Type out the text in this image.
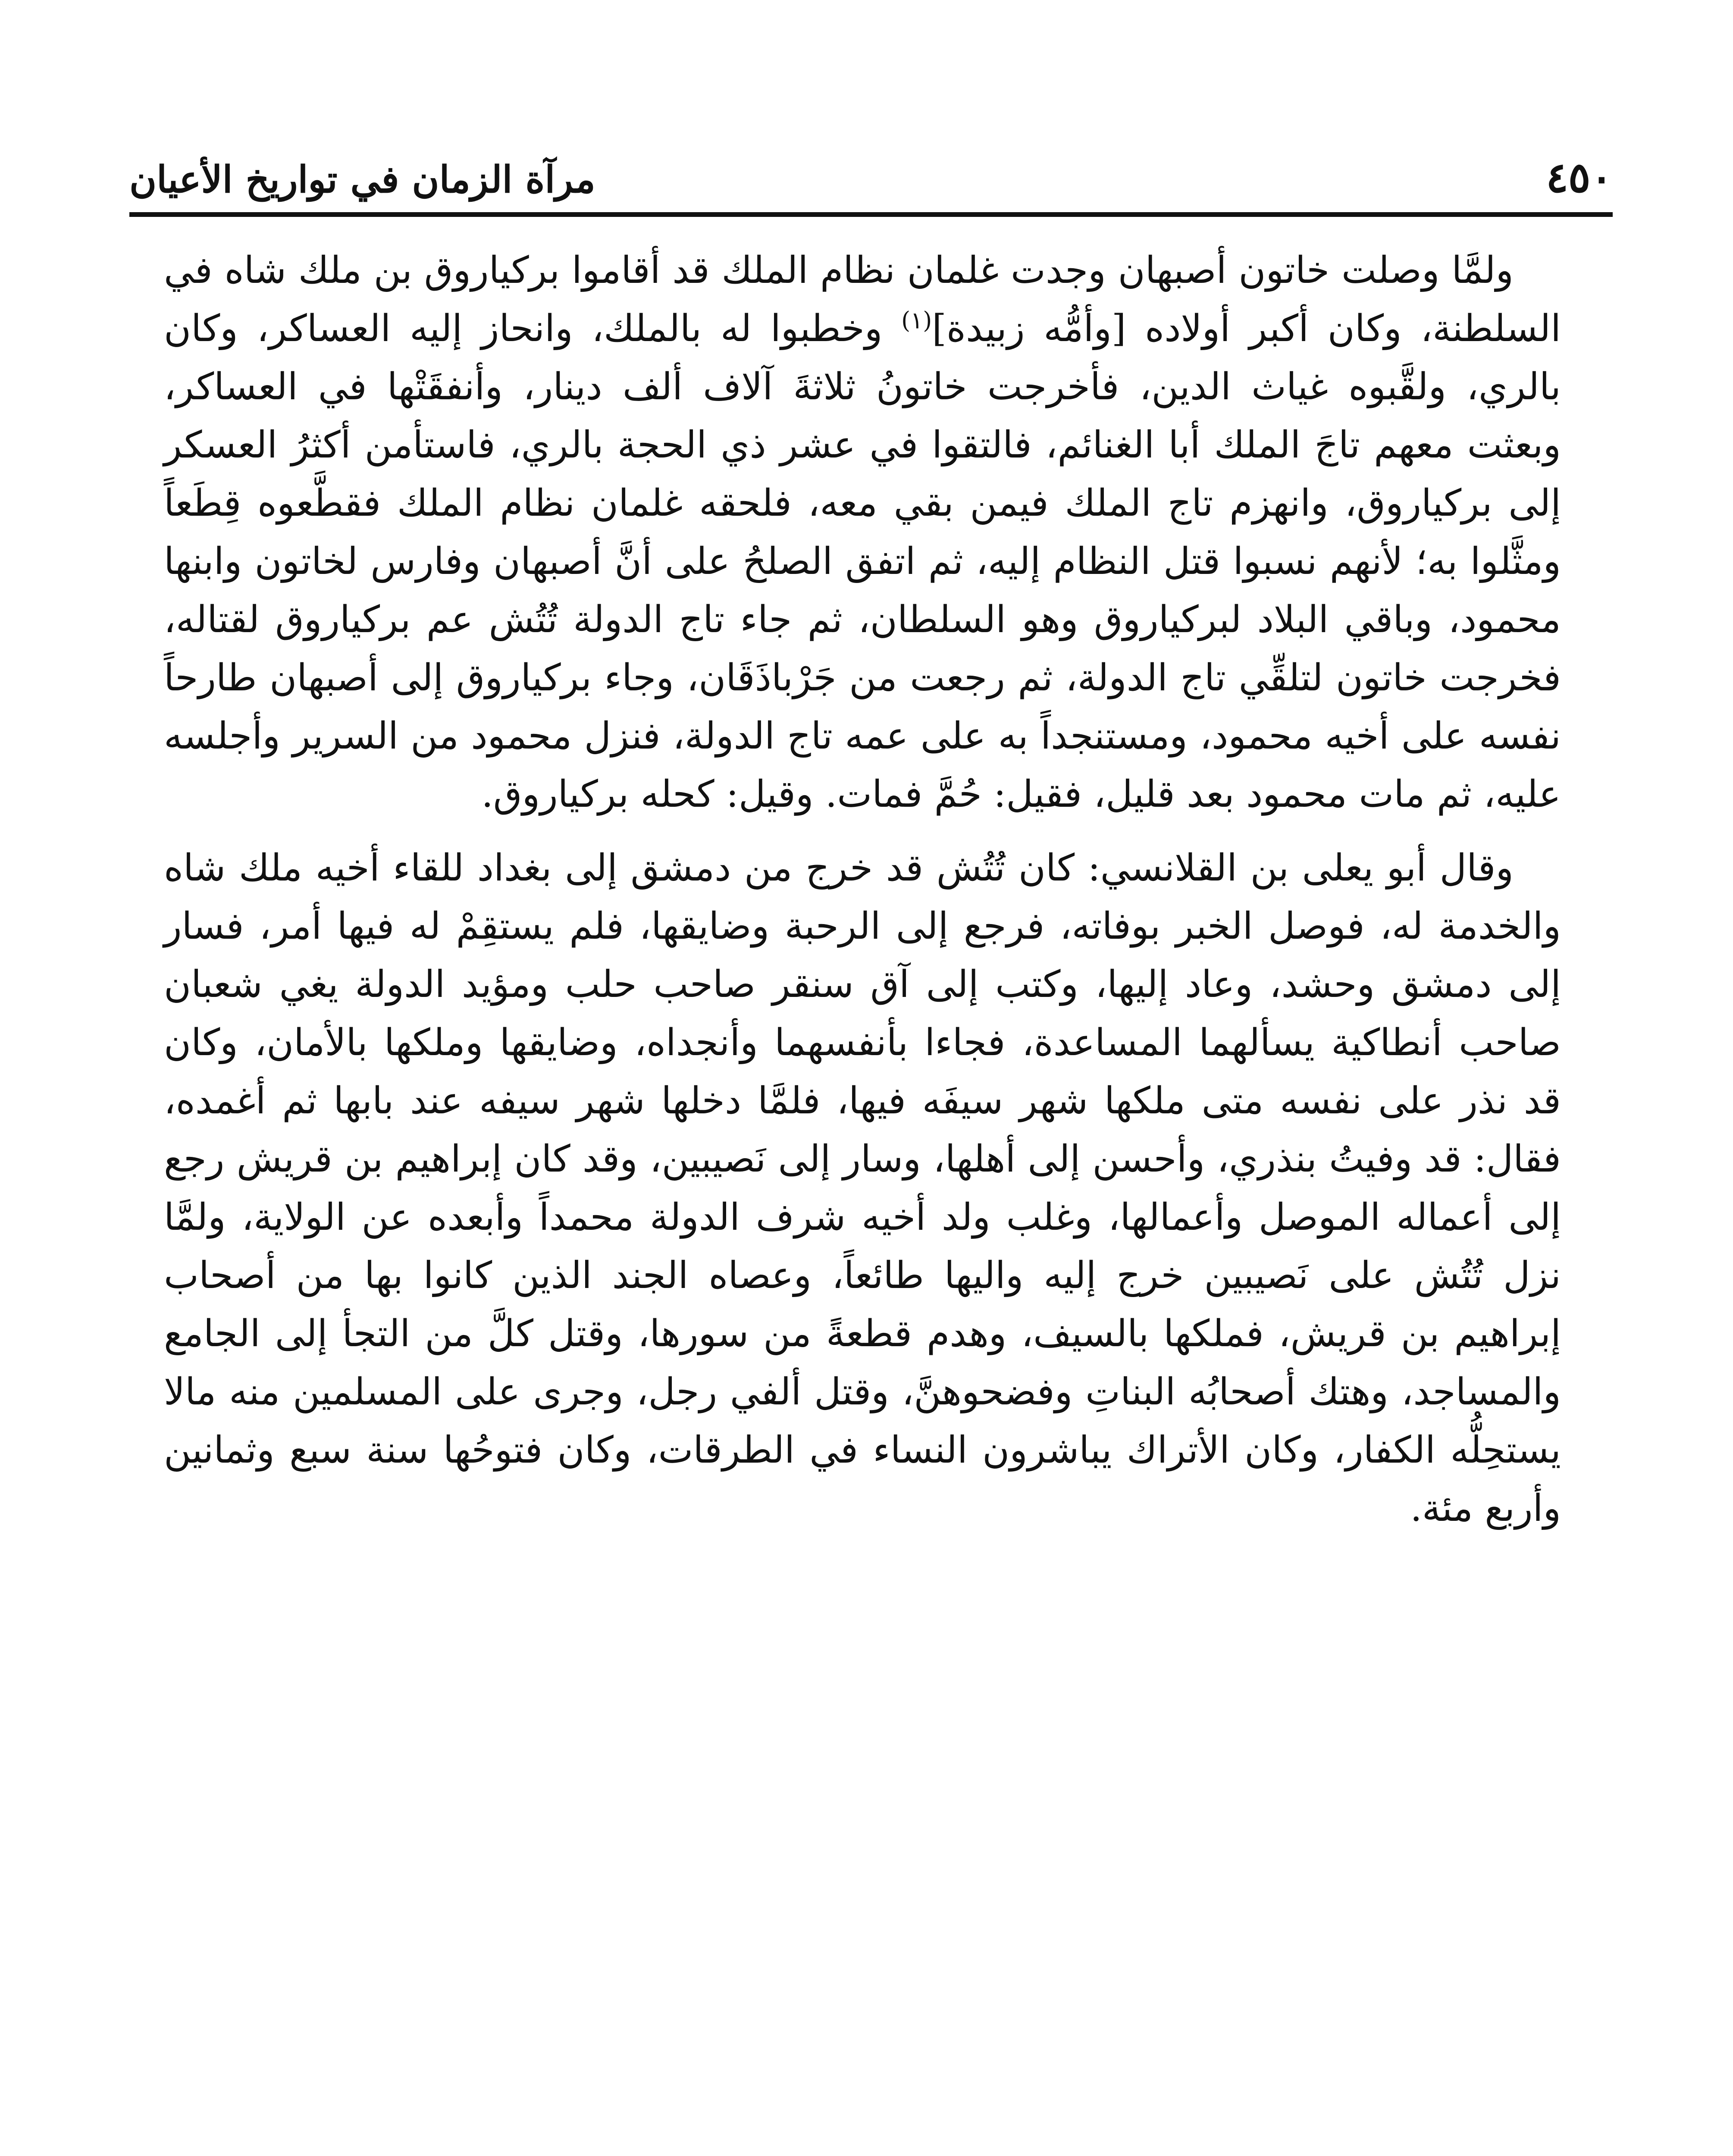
٤٥٠
مرآة الزمان في تواريخ الأعيان

ولمَّا وصلت خاتون أصبهان وجدت غلمان نظام الملك قد أقاموا بركياروق بن ملك شاه في السلطنة، وكان أكبر أولاده [وأمُّه زبيدة]$^{(١)}$ وخطبوا له بالملك، وانحاز إليه العساكر، وكان بالري، ولقَّبوه غياث الدين، فأخرجت خاتونُ ثلاثةَ آلاف ألف دينار، وأنفقَتْها في العساكر، وبعثت معهم تاجَ الملك أبا الغنائم، فالتقوا في عشر ذي الحجة بالري، فاستأمن أكثرُ العسكر إلى بركياروق، وانهزم تاج الملك فيمن بقي معه، فلحقه غلمان نظام الملك فقطَّعوه قِطَعاً ومثَّلوا به؛ لأنهم نسبوا قتل النظام إليه، ثم اتفق الصلحُ على أنَّ أصبهان وفارس لخاتون وابنها محمود، وباقي البلاد لبركياروق وهو السلطان، ثم جاء تاج الدولة تُتُش عم بركياروق لقتاله، فخرجت خاتون لتلقِّي تاج الدولة، ثم رجعت من جَرْباذَقَان، وجاء بركياروق إلى أصبهان طارحاً نفسه على أخيه محمود، ومستنجداً به على عمه تاج الدولة، فنزل محمود من السرير وأجلسه عليه، ثم مات محمود بعد قليل، فقيل: حُمَّ فمات. وقيل: كحله بركياروق.

وقال أبو يعلى بن القلانسي: كان تُتُش قد خرج من دمشق إلى بغداد للقاء أخيه ملك شاه والخدمة له، فوصل الخبر بوفاته، فرجع إلى الرحبة وضايقها، فلم يستقِمْ له فيها أمر، فسار إلى دمشق وحشد، وعاد إليها، وكتب إلى آق سنقر صاحب حلب ومؤيد الدولة يغي شعبان صاحب أنطاكية يسألهما المساعدة، فجاءا بأنفسهما وأنجداه، وضايقها وملكها بالأمان، وكان قد نذر على نفسه متى ملكها شهر سيفَه فيها، فلمَّا دخلها شهر سيفه عند بابها ثم أغمده، فقال: قد وفيتُ بنذري، وأحسن إلى أهلها، وسار إلى نَصيبين، وقد كان إبراهيم بن قريش رجع إلى أعماله الموصل وأعمالها، وغلب ولد أخيه شرف الدولة محمداً وأبعده عن الولاية، ولمَّا نزل تُتُش على نَصيبين خرج إليه واليها طائعاً، وعصاه الجند الذين كانوا بها من أصحاب إبراهيم بن قريش، فملكها بالسيف، وهدم قطعةً من سورها، وقتل كلَّ من التجأ إلى الجامع والمساجد، وهتك أصحابُه البناتِ وفضحوهنَّ، وقتل ألفي رجل، وجرى على المسلمين منه مالا يستحِلُّه الكفار، وكان الأتراك يباشرون النساء في الطرقات، وكان فتوحُها سنة سبع وثمانين وأربع مئة.
